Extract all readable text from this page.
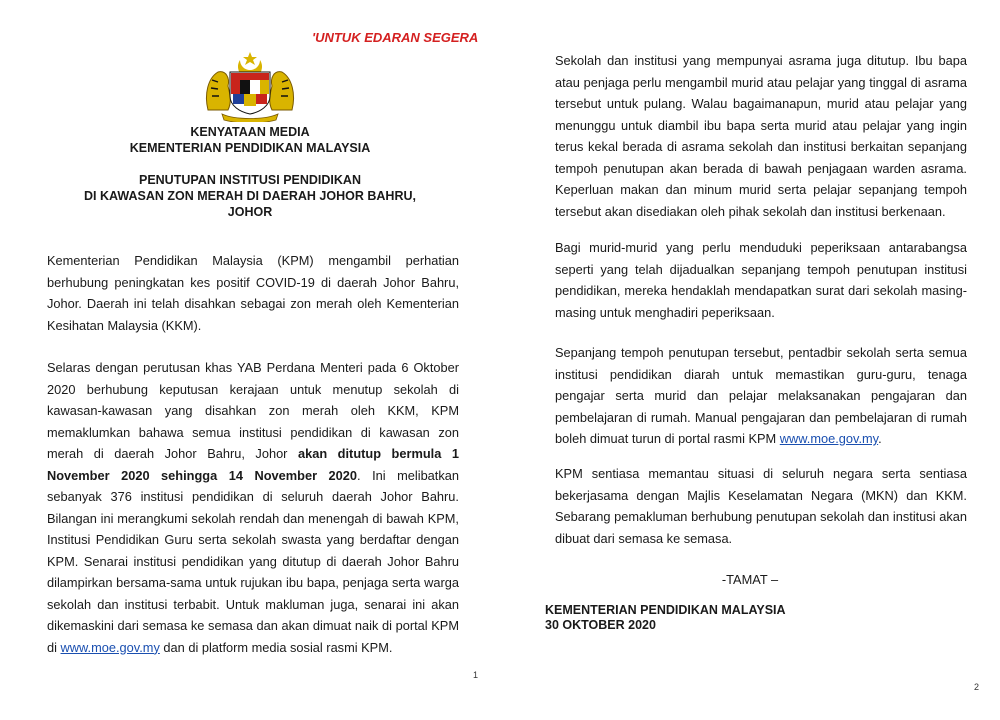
'UNTUK EDARAN SEGERA
KENYATAAN MEDIA
KEMENTERIAN PENDIDIKAN MALAYSIA
PENUTUPAN INSTITUSI PENDIDIKAN
DI KAWASAN ZON MERAH DI DAERAH JOHOR BAHRU,
JOHOR
Kementerian Pendidikan Malaysia (KPM) mengambil perhatian berhubung peningkatan kes positif COVID-19 di daerah Johor Bahru, Johor. Daerah ini telah disahkan sebagai zon merah oleh Kementerian Kesihatan Malaysia (KKM).
Selaras dengan perutusan khas YAB Perdana Menteri pada 6 Oktober 2020 berhubung keputusan kerajaan untuk menutup sekolah di kawasan-kawasan yang disahkan zon merah oleh KKM, KPM memaklumkan bahawa semua institusi pendidikan di kawasan zon merah di daerah Johor Bahru, Johor akan ditutup bermula 1 November 2020 sehingga 14 November 2020. Ini melibatkan sebanyak 376 institusi pendidikan di seluruh daerah Johor Bahru. Bilangan ini merangkumi sekolah rendah dan menengah di bawah KPM, Institusi Pendidikan Guru serta sekolah swasta yang berdaftar dengan KPM. Senarai institusi pendidikan yang ditutup di daerah Johor Bahru dilampirkan bersama-sama untuk rujukan ibu bapa, penjaga serta warga sekolah dan institusi terbabit. Untuk makluman juga, senarai ini akan dikemaskini dari semasa ke semasa dan akan dimuat naik di portal KPM di www.moe.gov.my dan di platform media sosial rasmi KPM.
1
Sekolah dan institusi yang mempunyai asrama juga ditutup. Ibu bapa atau penjaga perlu mengambil murid atau pelajar yang tinggal di asrama tersebut untuk pulang. Walau bagaimanapun, murid atau pelajar yang menunggu untuk diambil ibu bapa serta murid atau pelajar yang ingin terus kekal berada di asrama sekolah dan institusi berkaitan sepanjang tempoh penutupan akan berada di bawah penjagaan warden asrama. Keperluan makan dan minum murid serta pelajar sepanjang tempoh tersebut akan disediakan oleh pihak sekolah dan institusi berkenaan.
Bagi murid-murid yang perlu menduduki peperiksaan antarabangsa seperti yang telah dijadualkan sepanjang tempoh penutupan institusi pendidikan, mereka hendaklah mendapatkan surat dari sekolah masing-masing untuk menghadiri peperiksaan.
Sepanjang tempoh penutupan tersebut, pentadbir sekolah serta semua institusi pendidikan diarah untuk memastikan guru-guru, tenaga pengajar serta murid dan pelajar melaksanakan pengajaran dan pembelajaran di rumah. Manual pengajaran dan pembelajaran di rumah boleh dimuat turun di portal rasmi KPM www.moe.gov.my.
KPM sentiasa memantau situasi di seluruh negara serta sentiasa bekerjasama dengan Majlis Keselamatan Negara (MKN) dan KKM. Sebarang pemakluman berhubung penutupan sekolah dan institusi akan dibuat dari semasa ke semasa.
-TAMAT –
KEMENTERIAN PENDIDIKAN MALAYSIA
30 OKTOBER 2020
2
